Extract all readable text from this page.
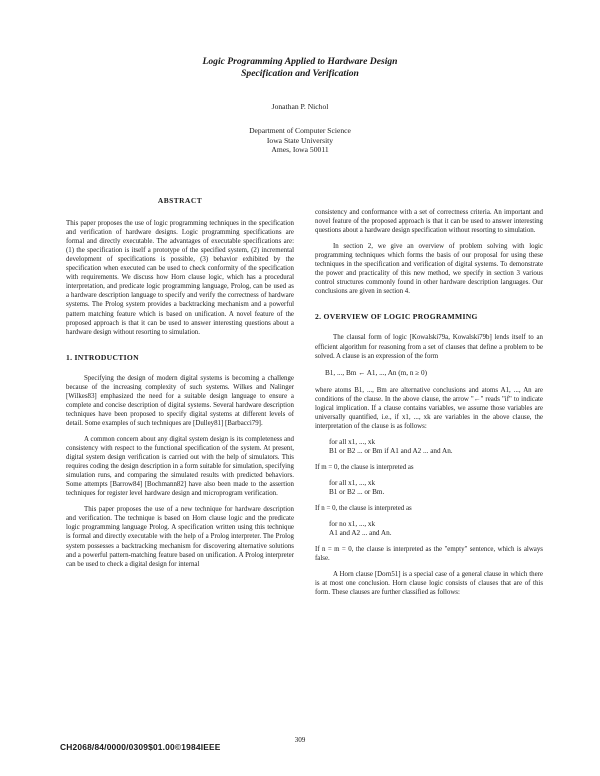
Logic Programming Applied to Hardware Design
Specification and Verification
Jonathan P. Nichol
Department of Computer Science
Iowa State University
Ames, Iowa 50011
ABSTRACT

This paper proposes the use of logic programming techniques in the specification and verification of hardware designs. Logic programming specifications are formal and directly executable. The advantages of executable specifications are: (1) the specification is itself a prototype of the specified system, (2) incremental development of specifications is possible, (3) behavior exhibited by the specification when executed can be used to check conformity of the specification with requirements. We discuss how Horn clause logic, which has a procedural interpretation, and predicate logic programming language, Prolog, can be used as a hardware description language to specify and verify the correctness of hardware systems. The Prolog system provides a backtracking mechanism and a powerful pattern matching feature which is based on unification. A novel feature of the proposed approach is that it can be used to answer interesting questions about a hardware design without resorting to simulation.

1. INTRODUCTION

Specifying the design of modern digital systems is becoming a challenge because of the increasing complexity of such systems. Wilkes and Nalinger [Wilkes83] emphasized the need for a suitable design language to ensure a complete and concise description of digital systems. Several hardware description techniques have been proposed to specify digital systems at different levels of detail. Some examples of such techniques are [Dulley81] [Barbacci79].

A common concern about any digital system design is its completeness and consistency with respect to the functional specification of the system. At present, digital system design verification is carried out with the help of simulators. This requires coding the design description in a form suitable for simulation, specifying simulation runs, and comparing the simulated results with predicted behaviors. Some attempts [Barrow84] [Bochmann82] have also been made to the assertion techniques for register level hardware design and microprogram verification.

This paper proposes the use of a new technique for hardware description and verification. The technique is based on Horn clause logic and the predicate logic programming language Prolog. A specification written using this technique is formal and directly executable with the help of a Prolog interpreter. The Prolog system possesses a backtracking mechanism for discovering alternative solutions and a powerful pattern-matching feature based on unification. A Prolog interpreter can be used to check a digital design for internal

consistency and conformance with a set of correctness criteria. An important and novel feature of the proposed approach is that it can be used to answer interesting questions about a hardware design specification without resorting to simulation.

In section 2, we give an overview of problem solving with logic programming techniques which forms the basis of our proposal for using these techniques in the specification and verification of digital systems. To demonstrate the power and practicality of this new method, we specify in section 3 various control structures commonly found in other hardware description languages. Our conclusions are given in section 4.

2. OVERVIEW OF LOGIC PROGRAMMING

The clausal form of logic [Kowalski79a, Kowalski79b] lends itself to an efficient algorithm for reasoning from a set of clauses that define a problem to be solved. A clause is an expression of the form

B1, ..., Bm ← A1, ..., An (m, n ≥ 0)

where atoms B1, ..., Bm are alternative conclusions and atoms A1, ..., An are conditions of the clause. In the above clause, the arrow "←" reads "if" to indicate logical implication. If a clause contains variables, we assume those variables are universally quantified, i.e., if x1, ..., xk are variables in the above clause, the interpretation of the clause is as follows:

for all x1, ..., xk
B1 or B2 ... or Bm if A1 and A2 ... and An.

If m = 0, the clause is interpreted as

for all x1, ..., xk
B1 or B2 ... or Bm.

If n = 0, the clause is interpreted as

for no x1, ..., xk
A1 and A2 ... and An.

If n = m = 0, the clause is interpreted as the "empty" sentence, which is always false.

A Horn clause [Dorn51] is a special case of a general clause in which there is at most one conclusion. Horn clause logic consists of clauses that are of this form. These clauses are further classified as follows:

309
CH2068/84/0000/0309$01.00©1984IEEE
